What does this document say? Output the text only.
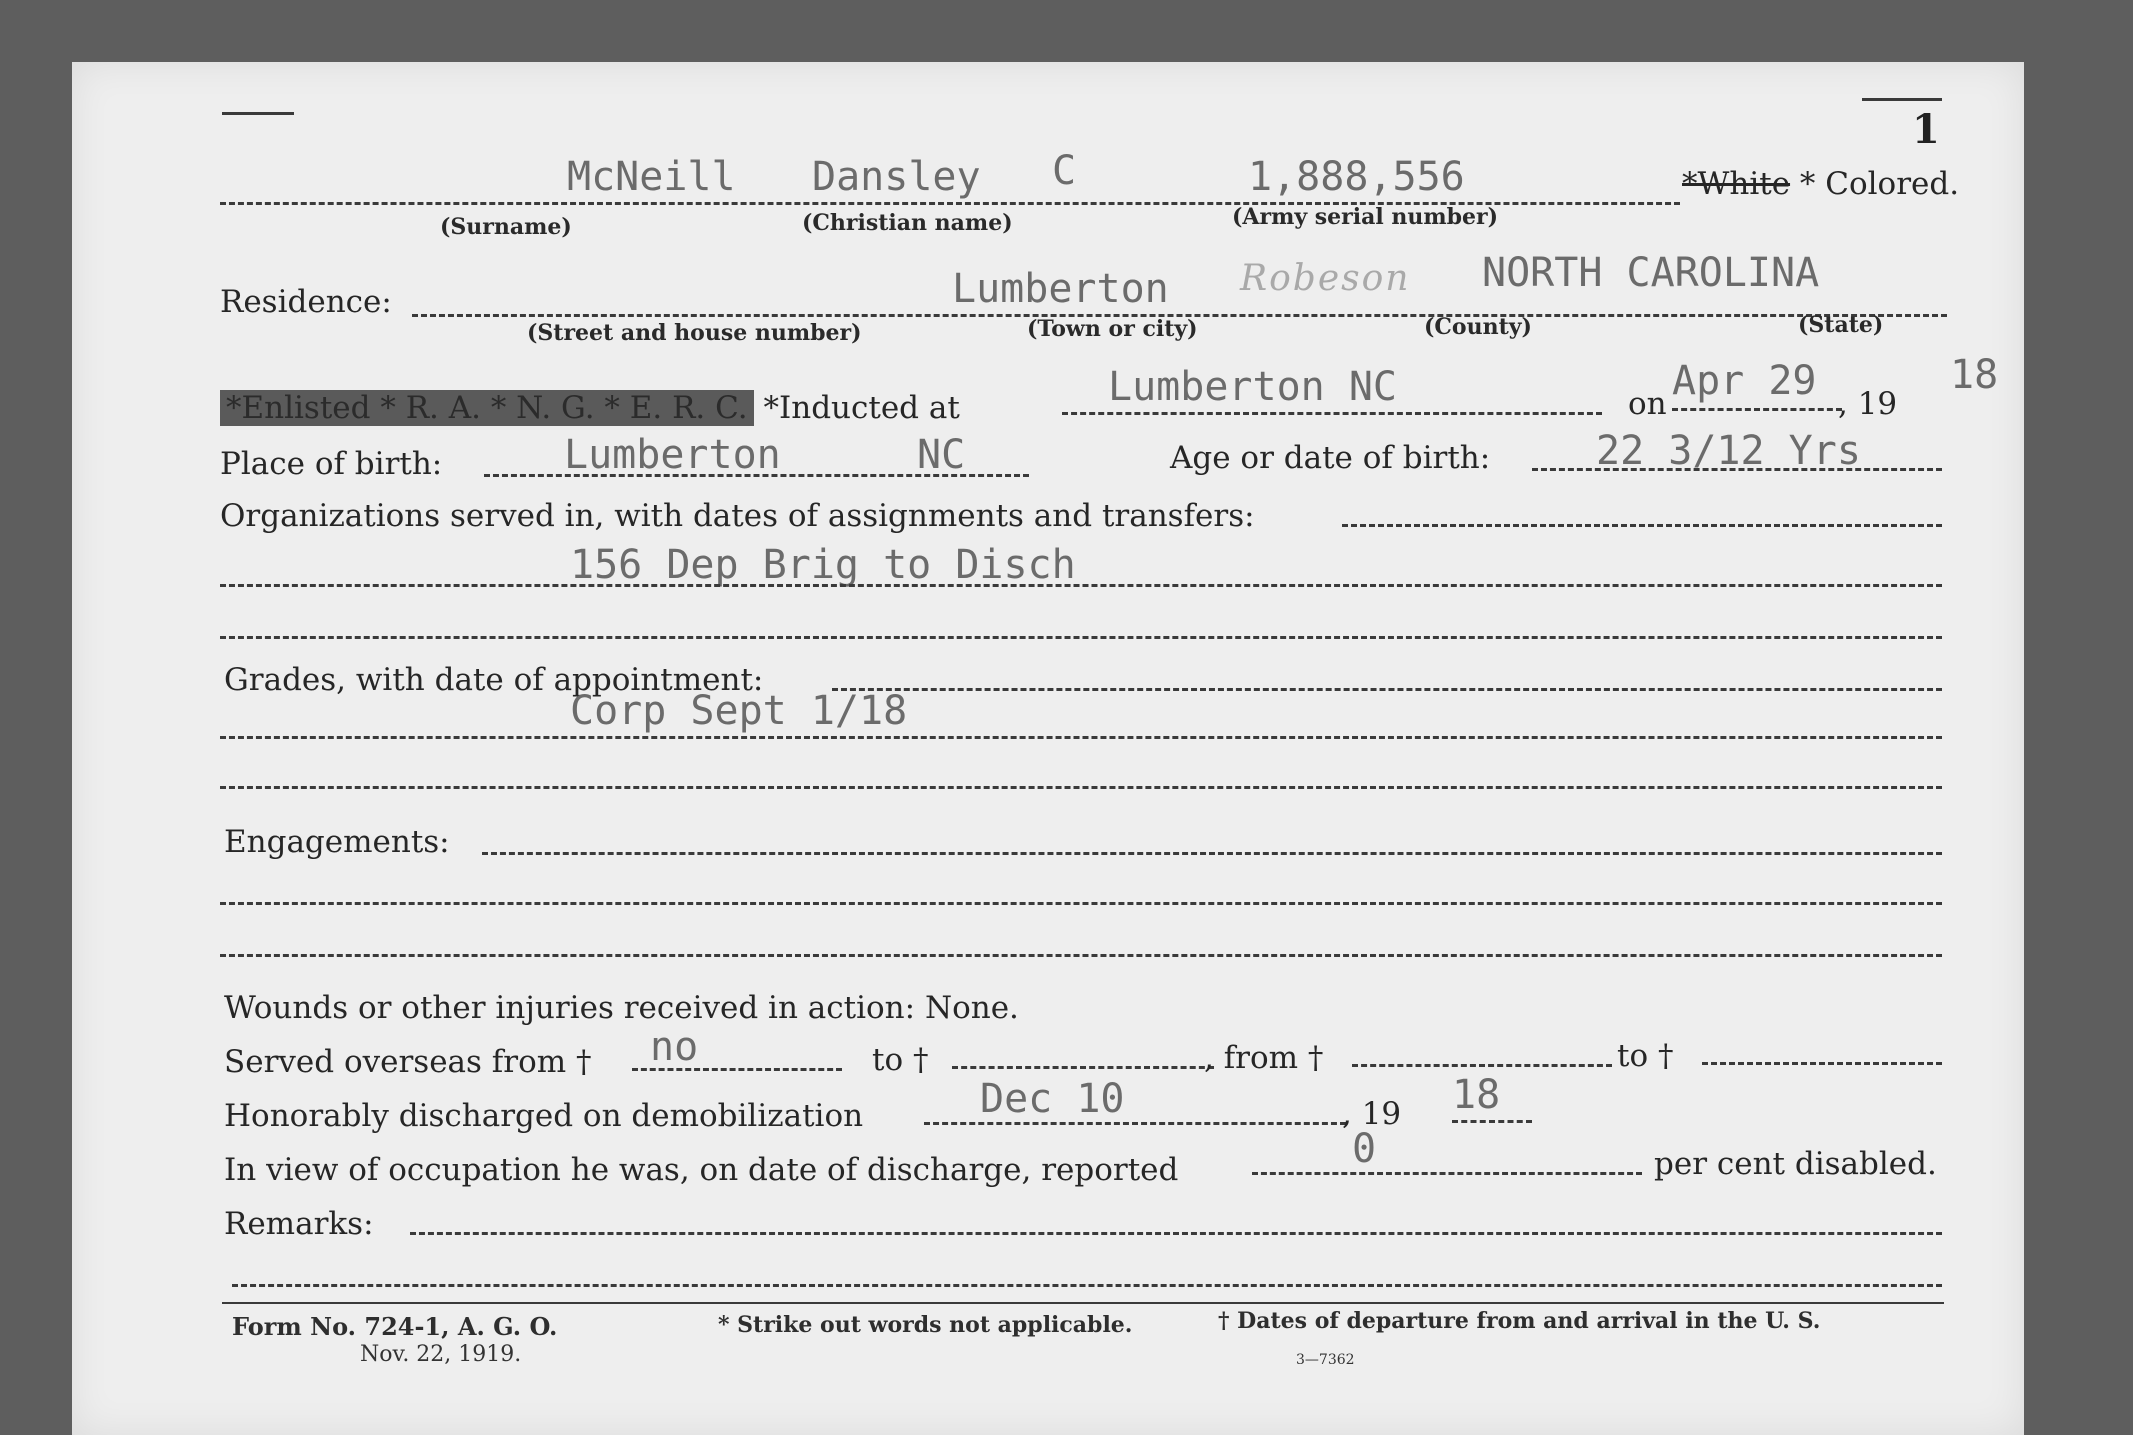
1
McNeill Dansley C	1,888,556	*White * Colored.
(Surname)	(Christian name)	(Army serial number)
Residence:	Lumberton Robeson NORTH CAROLINA
(Street and house number)	(Town or city)	(County)	(State)
*Enlisted * R. A. * N. G. * E. R. C. *Inducted at	Lumberton NC	on Apr 29 , 19
18
Place of birth:	Lumberton	NC	Age or date of birth:	22 3/12 Yrs
Organizations served in, with dates of assignments and transfers:
156 Dep Brig to Disch
Grades, with date of appointment:
Corp Sept 1/18
Engagements:
Wounds or other injuries received in action: None.
Served overseas from † no	to †	, from †	to †
Honorably discharged on demobilization	Dec 10	, 19 18
In view of occupation he was, on date of discharge, reported	0	per cent disabled.
Remarks:
Form No. 724-1, A. G. O.
Nov. 22, 1919.
* Strike out words not applicable.	† Dates of departure from and arrival in the U. S.
3—7362
